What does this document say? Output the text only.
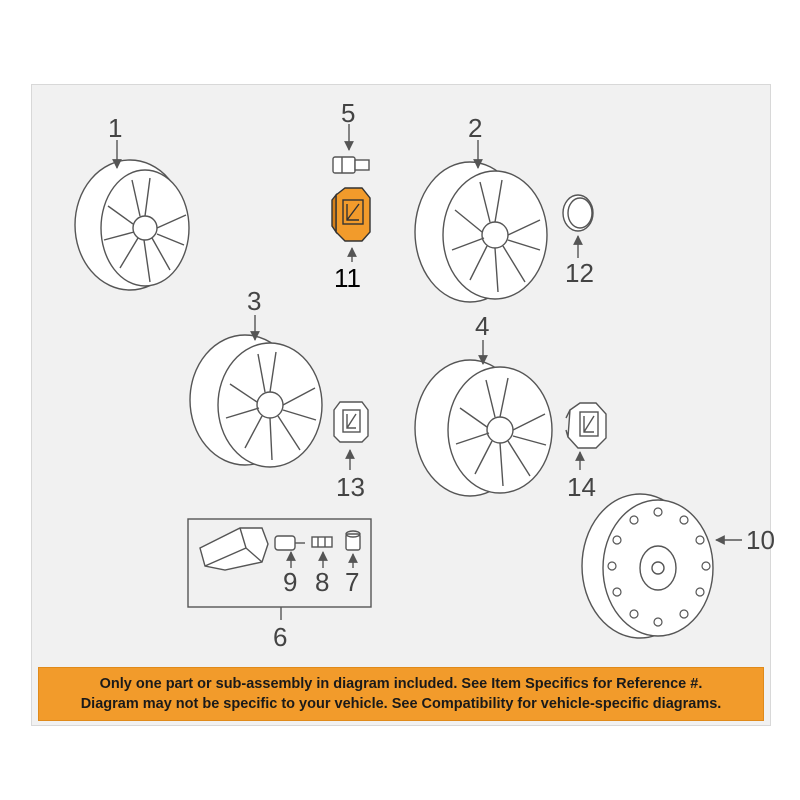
1	5	2
11	12
3
4
13	14
9 8 7
6
10
Only one part or sub-assembly in diagram included. See Item Specifics for Reference #.
Diagram may not be specific to your vehicle. See Compatibility for vehicle-specific diagrams.
